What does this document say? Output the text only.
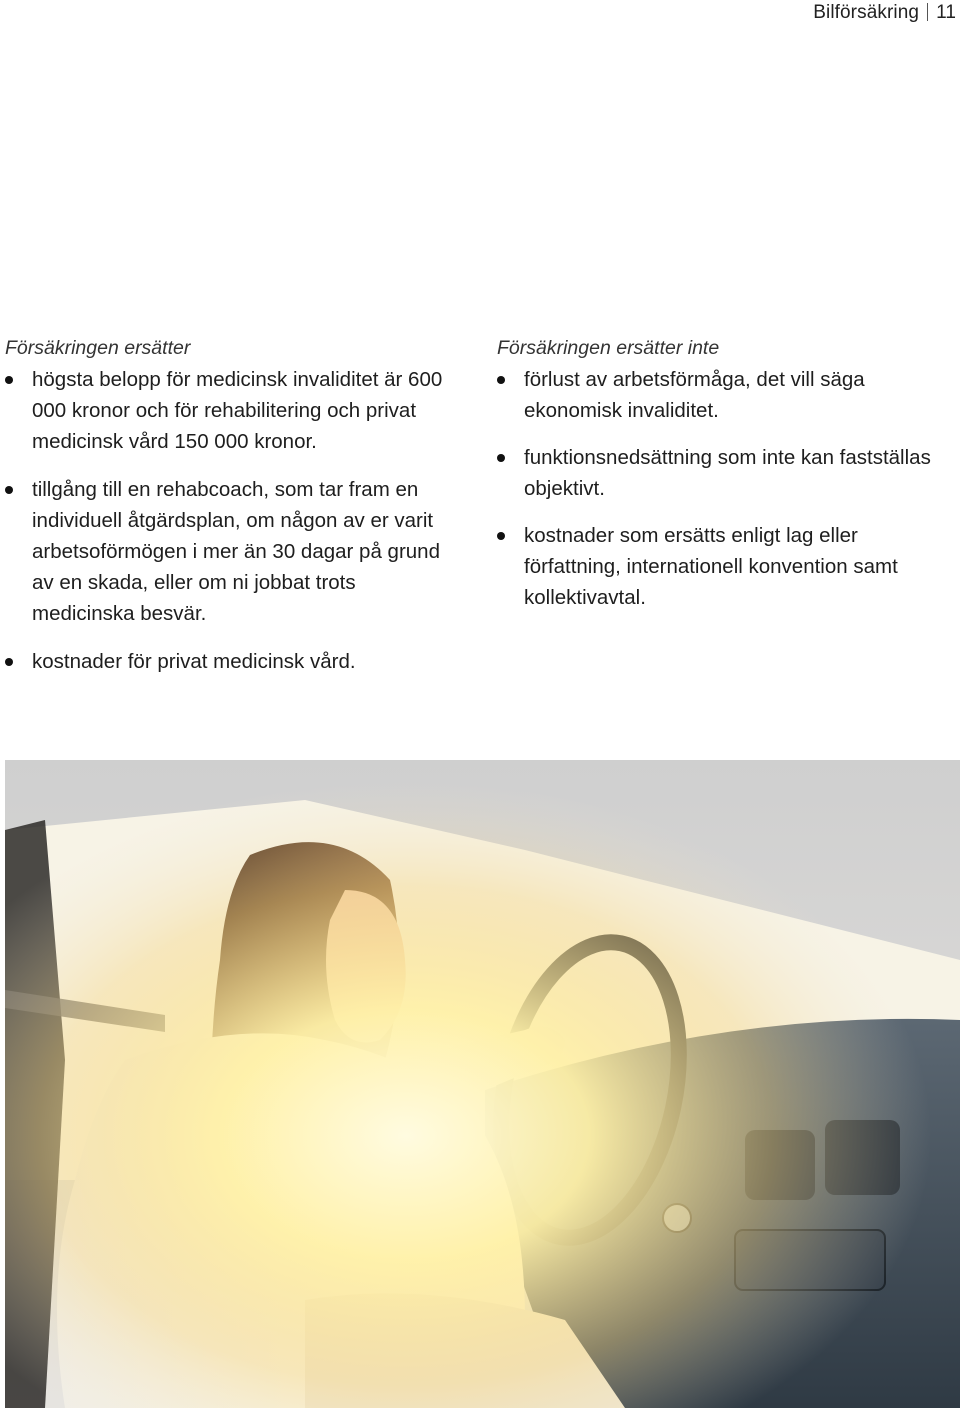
Bilförsäkring 11
Försäkringen ersätter
högsta belopp för medicinsk invaliditet är 600 000 kronor och för rehabilitering och privat medicinsk vård 150 000 kronor.
tillgång till en rehabcoach, som tar fram en individuell åtgärdsplan, om någon av er varit arbetsoförmögen i mer än 30 dagar på grund av en skada, eller om ni jobbat trots medicinska besvär.
kostnader för privat medicinsk vård.
Försäkringen ersätter inte
förlust av arbetsförmåga, det vill säga ekonomisk invaliditet.
funktionsnedsättning som inte kan fastställas objektivt.
kostnader som ersätts enligt lag eller författning, internationell konvention samt kollektivavtal.
